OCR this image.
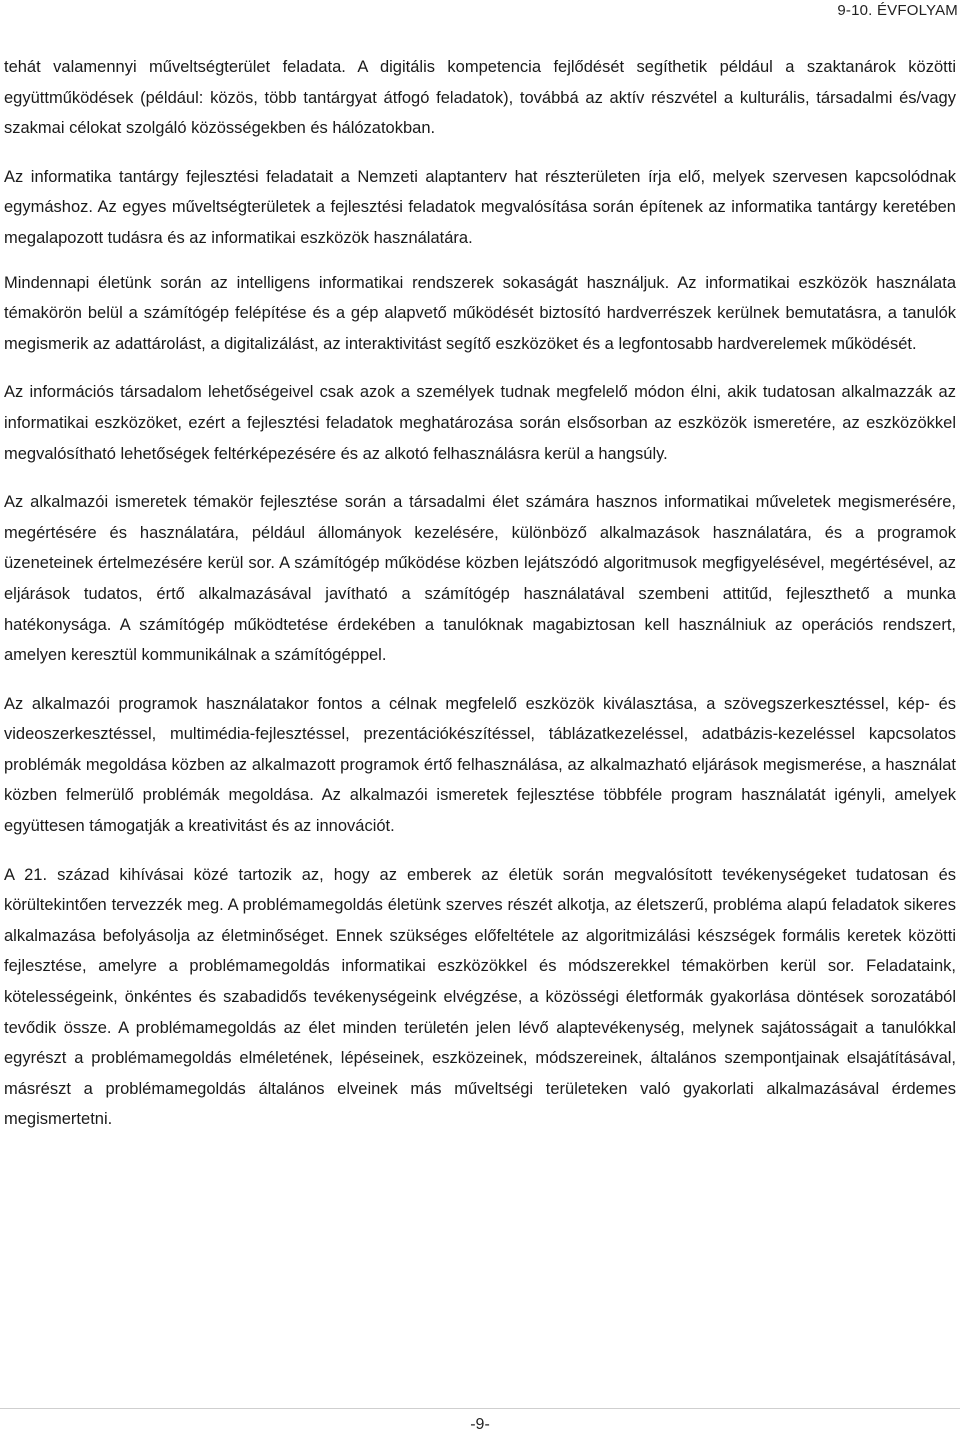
9-10. ÉVFOLYAM

tehát valamennyi műveltségterület feladata. A digitális kompetencia fejlődését segíthetik például a szaktanárok közötti együttműködések (például: közös, több tantárgyat átfogó feladatok), továbbá az aktív részvétel a kulturális, társadalmi és/vagy szakmai célokat szolgáló közösségekben és hálózatokban.

Az informatika tantárgy fejlesztési feladatait a Nemzeti alaptanterv hat részterületen írja elő, melyek szervesen kapcsolódnak egymáshoz. Az egyes műveltségterületek a fejlesztési feladatok megvalósítása során építenek az informatika tantárgy keretében megalapozott tudásra és az informatikai eszközök használatára.

Mindennapi életünk során az intelligens informatikai rendszerek sokaságát használjuk. Az informatikai eszközök használata témakörön belül a számítógép felépítése és a gép alapvető működését biztosító hardverrészek kerülnek bemutatásra, a tanulók megismerik az adattárolást, a digitalizálást, az interaktivitást segítő eszközöket és a legfontosabb hardverelemek működését.

Az információs társadalom lehetőségeivel csak azok a személyek tudnak megfelelő módon élni, akik tudatosan alkalmazzák az informatikai eszközöket, ezért a fejlesztési feladatok meghatározása során elsősorban az eszközök ismeretére, az eszközökkel megvalósítható lehetőségek feltérképezésére és az alkotó felhasználásra kerül a hangsúly.

Az alkalmazói ismeretek témakör fejlesztése során a társadalmi élet számára hasznos informatikai műveletek megismerésére, megértésére és használatára, például állományok kezelésére, különböző alkalmazások használatára, és a programok üzeneteinek értelmezésére kerül sor. A számítógép működése közben lejátszódó algoritmusok megfigyelésével, megértésével, az eljárások tudatos, értő alkalmazásával javítható a számítógép használatával szembeni attitűd, fejleszthető a munka hatékonysága. A számítógép működtetése érdekében a tanulóknak magabiztosan kell használniuk az operációs rendszert, amelyen keresztül kommunikálnak a számítógéppel.

Az alkalmazói programok használatakor fontos a célnak megfelelő eszközök kiválasztása, a szövegszerkesztéssel, kép- és videoszerkesztéssel, multimédia-fejlesztéssel, prezentációkészítéssel, táblázatkezeléssel, adatbázis-kezeléssel kapcsolatos problémák megoldása közben az alkalmazott programok értő felhasználása, az alkalmazható eljárások megismerése, a használat közben felmerülő problémák megoldása. Az alkalmazói ismeretek fejlesztése többféle program használatát igényli, amelyek együttesen támogatják a kreativitást és az innovációt.

A 21. század kihívásai közé tartozik az, hogy az emberek az életük során megvalósított tevékenységeket tudatosan és körültekintően tervezzék meg. A problémamegoldás életünk szerves részét alkotja, az életszerű, probléma alapú feladatok sikeres alkalmazása befolyásolja az életminőséget. Ennek szükséges előfeltétele az algoritmizálási készségek formális keretek közötti fejlesztése, amelyre a problémamegoldás informatikai eszközökkel és módszerekkel témakörben kerül sor. Feladataink, kötelességeink, önkéntes és szabadidős tevékenységeink elvégzése, a közösségi életformák gyakorlása döntések sorozatából tevődik össze. A problémamegoldás az élet minden területén jelen lévő alaptevékenység, melynek sajátosságait a tanulókkal egyrészt a problémamegoldás elméletének, lépéseinek, eszközeinek, módszereinek, általános szempontjainak elsajátításával, másrészt a problémamegoldás általános elveinek más műveltségi területeken való gyakorlati alkalmazásával érdemes megismertetni.

-9-
